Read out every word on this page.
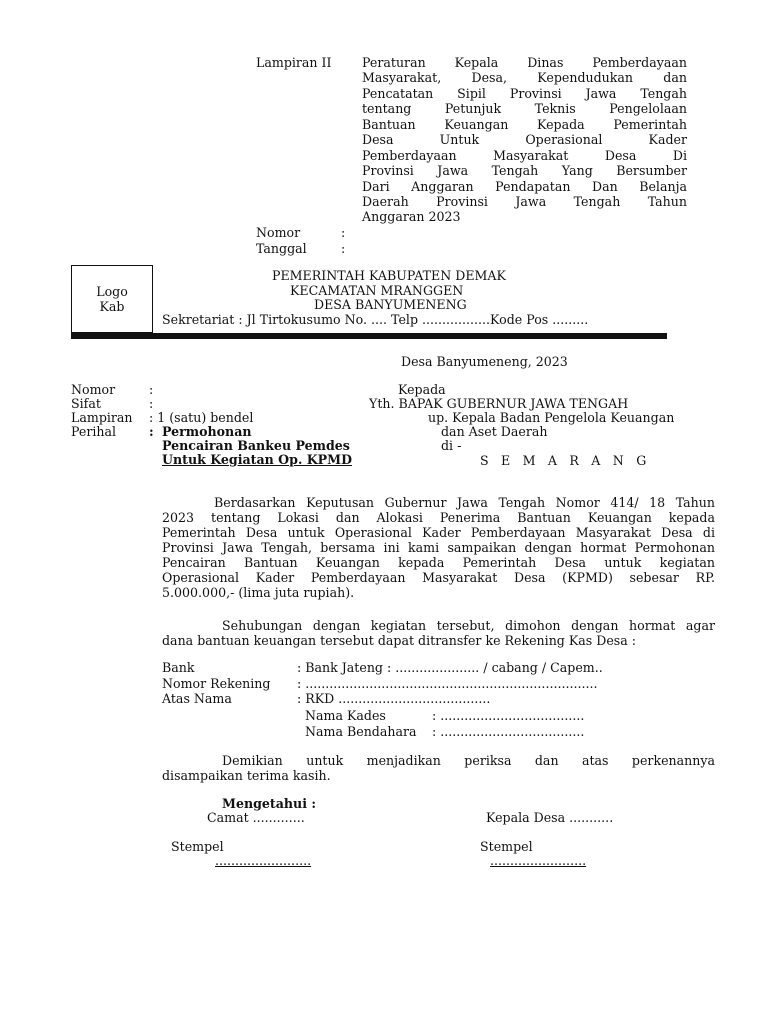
Lampiran II Peraturan Kepala Dinas Pemberdayaan
Masyarakat, Desa, Kependudukan dan
Pencatatan Sipil Provinsi Jawa Tengah
tentang Petunjuk Teknis Pengelolaan
Bantuan Keuangan Kepada Pemerintah
Desa Untuk Operasional Kader
Pemberdayaan Masyarakat Desa Di
Provinsi Jawa Tengah Yang Bersumber
Dari Anggaran Pendapatan Dan Belanja
Daerah Provinsi Jawa Tengah Tahun
Anggaran 2023
Nomor	:
Tanggal	:
Logo
Kab
PEMERINTAH KABUPATEN DEMAK
KECAMATAN MRANGGEN
DESA BANYUMENENG
Sekretariat : Jl Tirtokusumo No. .... Telp .................Kode Pos .........
Desa Banyumeneng, 2023
Nomor	:
Sifat	:
Lampiran : 1 (satu) bendel
Perihal	: Permohonan
Pencairan Bankeu Pemdes
Untuk Kegiatan Op. KPMD
Kepada
Yth. BAPAK GUBERNUR JAWA TENGAH
up. Kepala Badan Pengelola Keuangan
dan Aset Daerah
di -
S E M A R A N G
Berdasarkan Keputusan Gubernur Jawa Tengah Nomor 414/ 18 Tahun
2023 tentang Lokasi dan Alokasi Penerima Bantuan Keuangan kepada
Pemerintah Desa untuk Operasional Kader Pemberdayaan Masyarakat Desa di
Provinsi Jawa Tengah, bersama ini kami sampaikan dengan hormat Permohonan
Pencairan Bantuan Keuangan kepada Pemerintah Desa untuk kegiatan
Operasional Kader Pemberdayaan Masyarakat Desa (KPMD) sebesar RP.
5.000.000,- (lima juta rupiah).
Sehubungan dengan kegiatan tersebut, dimohon dengan hormat agar
dana bantuan keuangan tersebut dapat ditransfer ke Rekening Kas Desa :
Bank	: Bank Jateng : ..................... / cabang / Capem..
Nomor Rekening : .........................................................................
Atas Nama	: RKD ......................................
Nama Kades	: ....................................
Nama Bendahara : ....................................
Demikian untuk menjadikan periksa dan atas perkenannya
disampaikan terima kasih.
Mengetahui :
Camat .............	Kepala Desa ...........
Stempel	Stempel
........................	........................
